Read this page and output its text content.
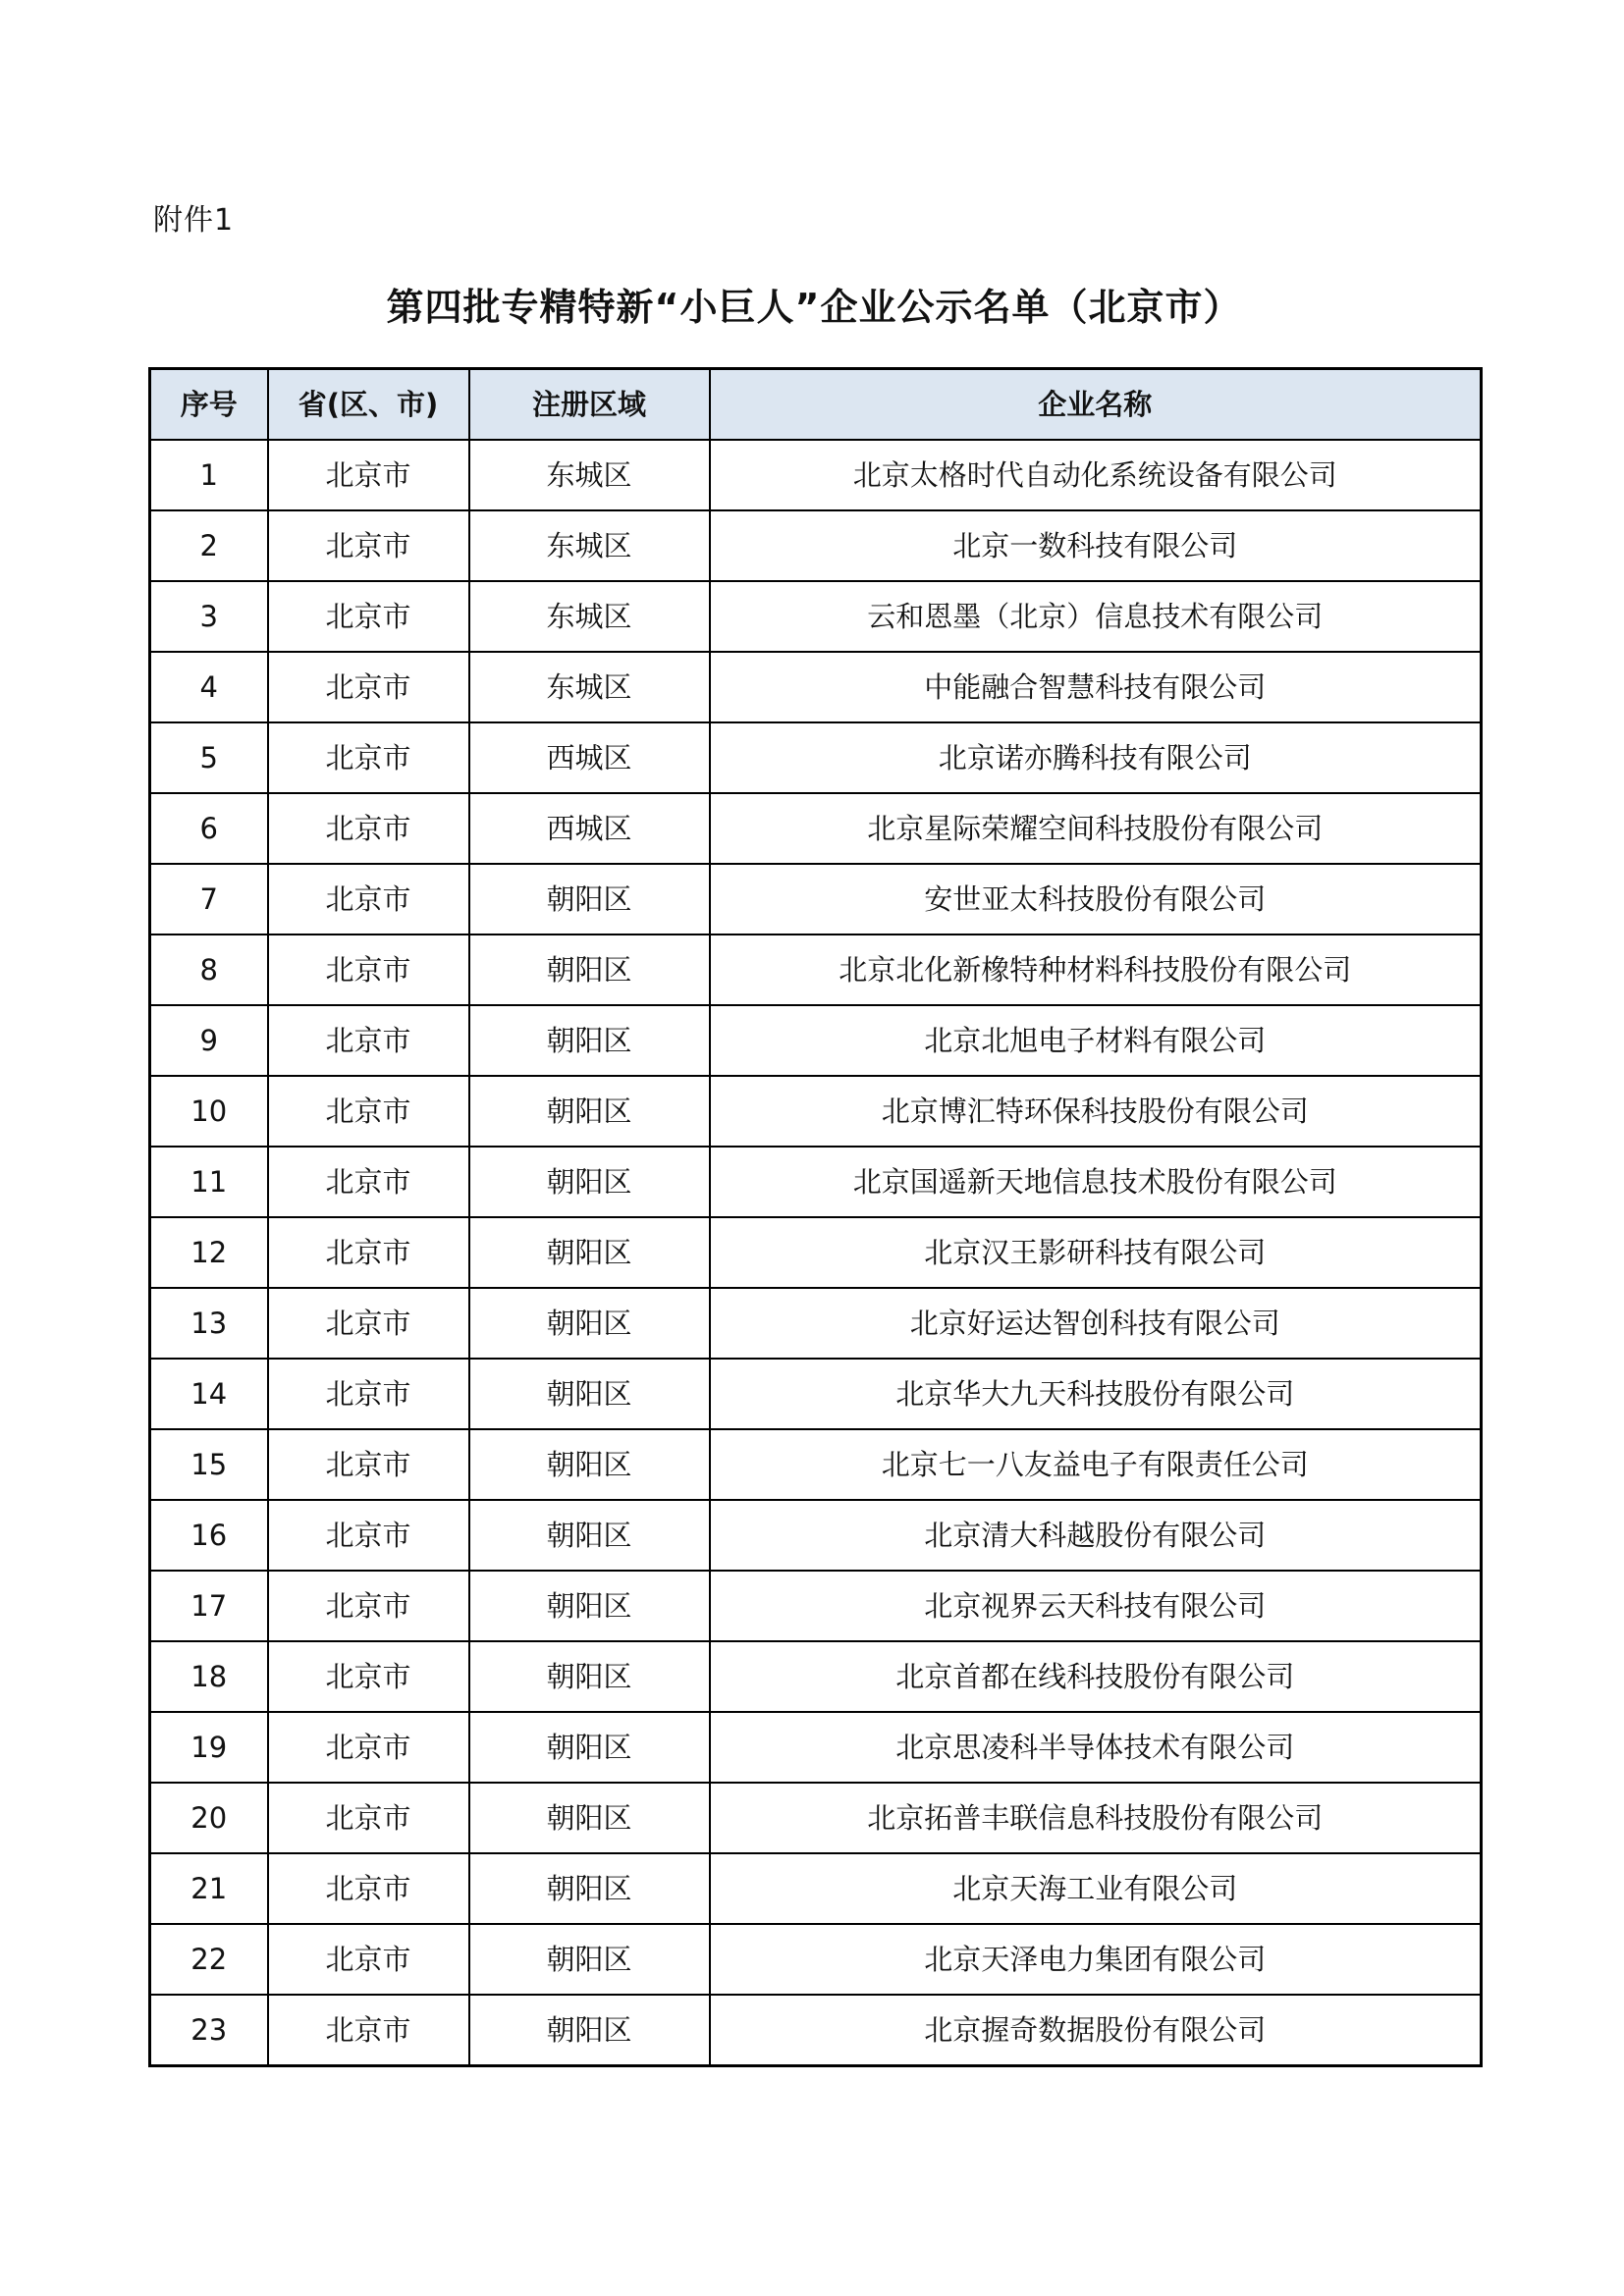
附件1
第四批专精特新“小巨人”企业公示名单（北京市）
序号	省(区、市)	注册区域	企业名称
1	北京市	东城区	北京太格时代自动化系统设备有限公司
2	北京市	东城区	北京一数科技有限公司
3	北京市	东城区	云和恩墨（北京）信息技术有限公司
4	北京市	东城区	中能融合智慧科技有限公司
5	北京市	西城区	北京诺亦腾科技有限公司
6	北京市	西城区	北京星际荣耀空间科技股份有限公司
7	北京市	朝阳区	安世亚太科技股份有限公司
8	北京市	朝阳区	北京北化新橡特种材料科技股份有限公司
9	北京市	朝阳区	北京北旭电子材料有限公司
10	北京市	朝阳区	北京博汇特环保科技股份有限公司
11	北京市	朝阳区	北京国遥新天地信息技术股份有限公司
12	北京市	朝阳区	北京汉王影研科技有限公司
13	北京市	朝阳区	北京好运达智创科技有限公司
14	北京市	朝阳区	北京华大九天科技股份有限公司
15	北京市	朝阳区	北京七一八友益电子有限责任公司
16	北京市	朝阳区	北京清大科越股份有限公司
17	北京市	朝阳区	北京视界云天科技有限公司
18	北京市	朝阳区	北京首都在线科技股份有限公司
19	北京市	朝阳区	北京思凌科半导体技术有限公司
20	北京市	朝阳区	北京拓普丰联信息科技股份有限公司
21	北京市	朝阳区	北京天海工业有限公司
22	北京市	朝阳区	北京天泽电力集团有限公司
23	北京市	朝阳区	北京握奇数据股份有限公司
